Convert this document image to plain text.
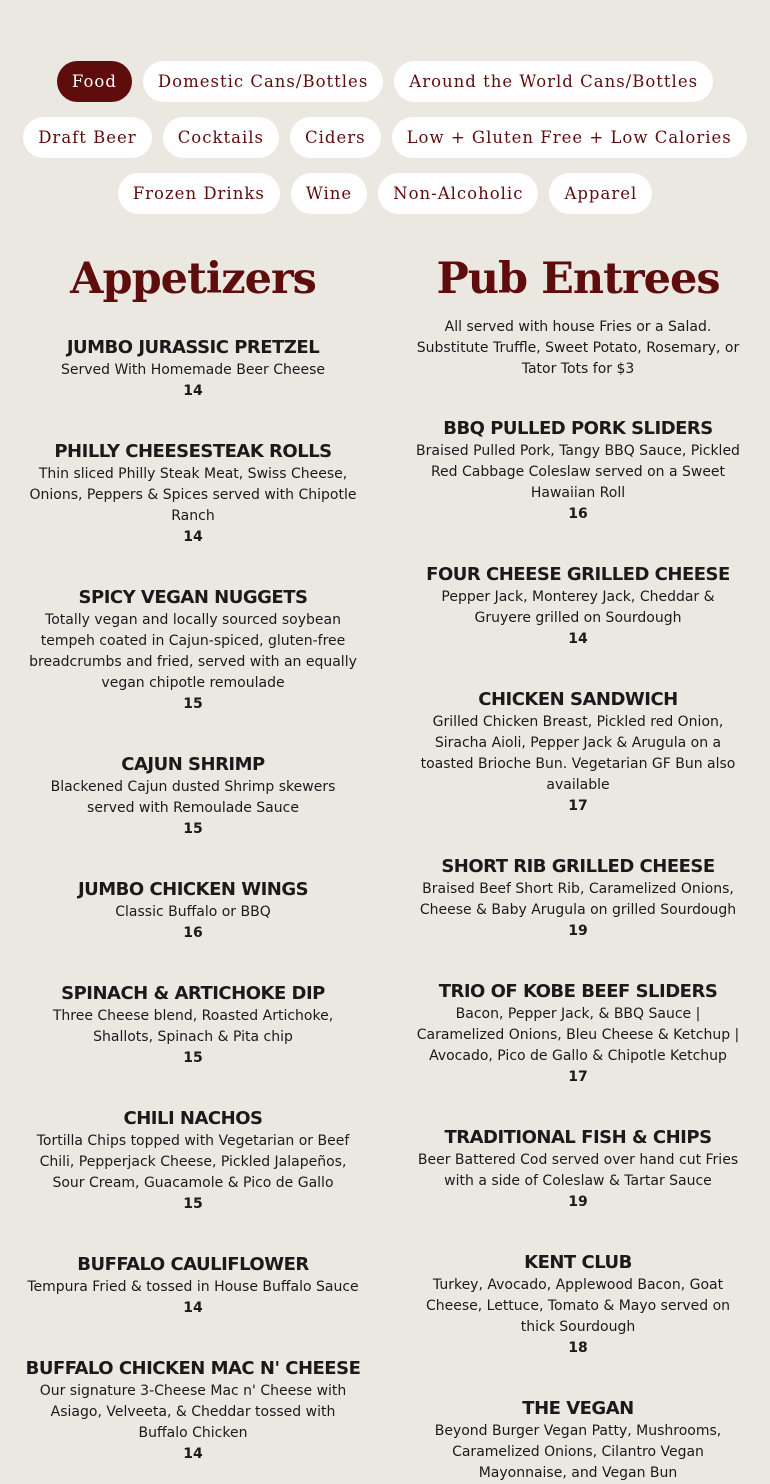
Food	Domestic Cans/Bottles	Around the World Cans/Bottles
Draft Beer	Cocktails	Ciders	Low + Gluten Free + Low Calories
Frozen Drinks	Wine	Non-Alcoholic	Apparel
Appetizers
JUMBO JURASSIC PRETZEL
Served With Homemade Beer Cheese
14
PHILLY CHEESESTEAK ROLLS
Thin sliced Philly Steak Meat, Swiss Cheese, Onions, Peppers & Spices served with Chipotle Ranch
14
SPICY VEGAN NUGGETS
Totally vegan and locally sourced soybean tempeh coated in Cajun-spiced, gluten-free breadcrumbs and fried, served with an equally vegan chipotle remoulade
15
CAJUN SHRIMP
Blackened Cajun dusted Shrimp skewers served with Remoulade Sauce
15
JUMBO CHICKEN WINGS
Classic Buffalo or BBQ
16
SPINACH & ARTICHOKE DIP
Three Cheese blend, Roasted Artichoke, Shallots, Spinach & Pita chip
15
CHILI NACHOS
Tortilla Chips topped with Vegetarian or Beef Chili, Pepperjack Cheese, Pickled Jalapeños, Sour Cream, Guacamole & Pico de Gallo
15
BUFFALO CAULIFLOWER
Tempura Fried & tossed in House Buffalo Sauce
14
BUFFALO CHICKEN MAC N' CHEESE
Our signature 3-Cheese Mac n' Cheese with Asiago, Velveeta, & Cheddar tossed with Buffalo Chicken
14
Pub Entrees
All served with house Fries or a Salad. Substitute Truffle, Sweet Potato, Rosemary, or Tator Tots for $3
BBQ PULLED PORK SLIDERS
Braised Pulled Pork, Tangy BBQ Sauce, Pickled Red Cabbage Coleslaw served on a Sweet Hawaiian Roll
16
FOUR CHEESE GRILLED CHEESE
Pepper Jack, Monterey Jack, Cheddar & Gruyere grilled on Sourdough
14
CHICKEN SANDWICH
Grilled Chicken Breast, Pickled red Onion, Siracha Aioli, Pepper Jack & Arugula on a toasted Brioche Bun. Vegetarian GF Bun also available
17
SHORT RIB GRILLED CHEESE
Braised Beef Short Rib, Caramelized Onions, Cheese & Baby Arugula on grilled Sourdough
19
TRIO OF KOBE BEEF SLIDERS
Bacon, Pepper Jack, & BBQ Sauce | Caramelized Onions, Bleu Cheese & Ketchup | Avocado, Pico de Gallo & Chipotle Ketchup
17
TRADITIONAL FISH & CHIPS
Beer Battered Cod served over hand cut Fries with a side of Coleslaw & Tartar Sauce
19
KENT CLUB
Turkey, Avocado, Applewood Bacon, Goat Cheese, Lettuce, Tomato & Mayo served on thick Sourdough
18
THE VEGAN
Beyond Burger Vegan Patty, Mushrooms, Caramelized Onions, Cilantro Vegan Mayonnaise, and Vegan Bun
